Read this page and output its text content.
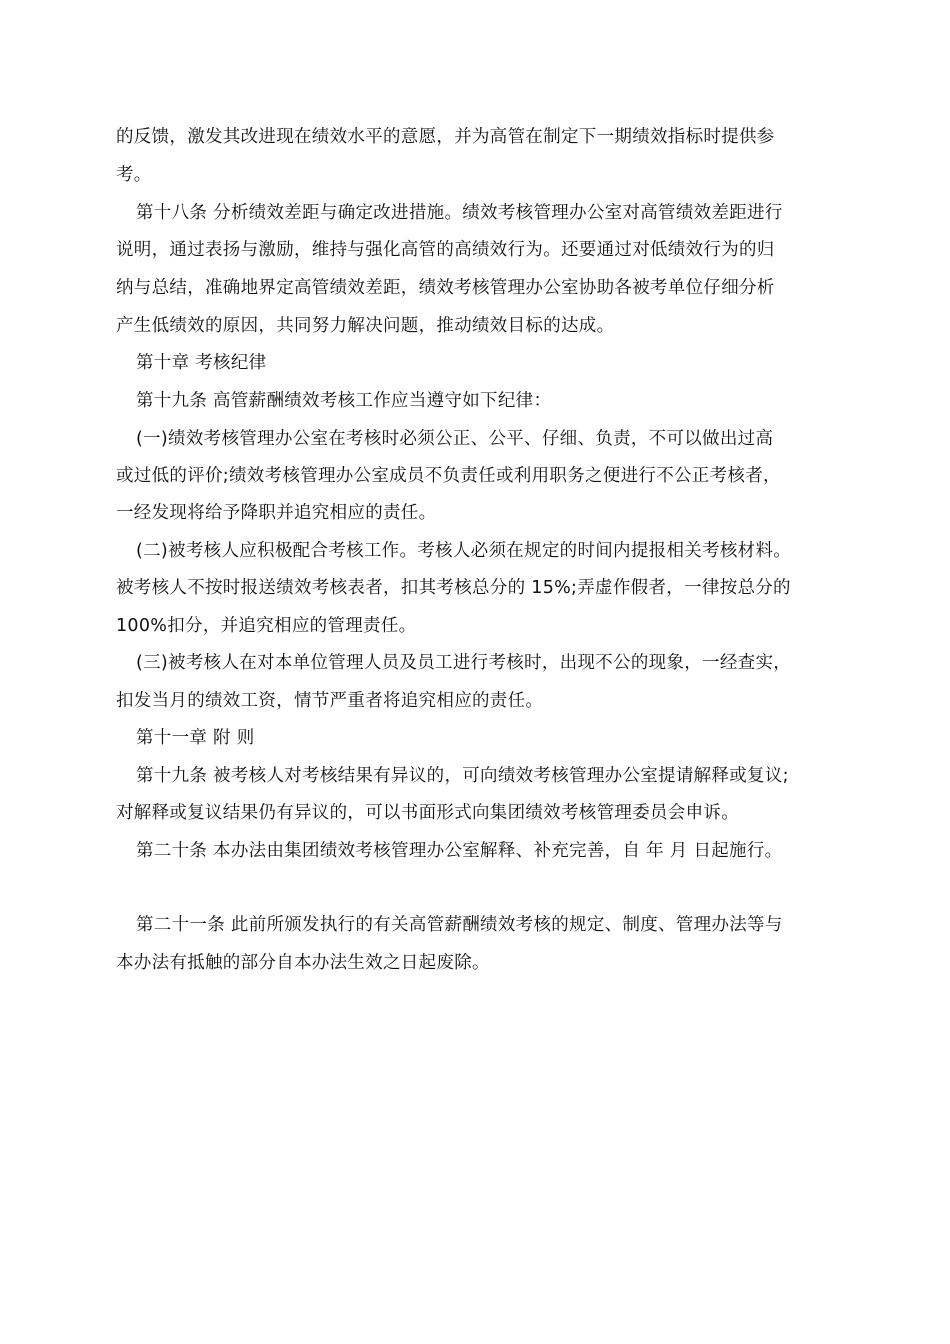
的反馈，激发其改进现在绩效水平的意愿，并为高管在制定下一期绩效指标时提供参
考。
第十八条 分析绩效差距与确定改进措施。绩效考核管理办公室对高管绩效差距进行
说明，通过表扬与激励，维持与强化高管的高绩效行为。还要通过对低绩效行为的归
纳与总结，准确地界定高管绩效差距，绩效考核管理办公室协助各被考单位仔细分析
产生低绩效的原因，共同努力解决问题，推动绩效目标的达成。
第十章 考核纪律
第十九条 高管薪酬绩效考核工作应当遵守如下纪律：
(一)绩效考核管理办公室在考核时必须公正、公平、仔细、负责，不可以做出过高
或过低的评价;绩效考核管理办公室成员不负责任或利用职务之便进行不公正考核者，
一经发现将给予降职并追究相应的责任。
(二)被考核人应积极配合考核工作。考核人必须在规定的时间内提报相关考核材料。
被考核人不按时报送绩效考核表者，扣其考核总分的 15%;弄虚作假者，一律按总分的
100%扣分，并追究相应的管理责任。
(三)被考核人在对本单位管理人员及员工进行考核时，出现不公的现象，一经查实，
扣发当月的绩效工资，情节严重者将追究相应的责任。
第十一章 附 则
第十九条 被考核人对考核结果有异议的，可向绩效考核管理办公室提请解释或复议;
对解释或复议结果仍有异议的，可以书面形式向集团绩效考核管理委员会申诉。
第二十条 本办法由集团绩效考核管理办公室解释、补充完善，自 年 月 日起施行。
第二十一条 此前所颁发执行的有关高管薪酬绩效考核的规定、制度、管理办法等与
本办法有抵触的部分自本办法生效之日起废除。
